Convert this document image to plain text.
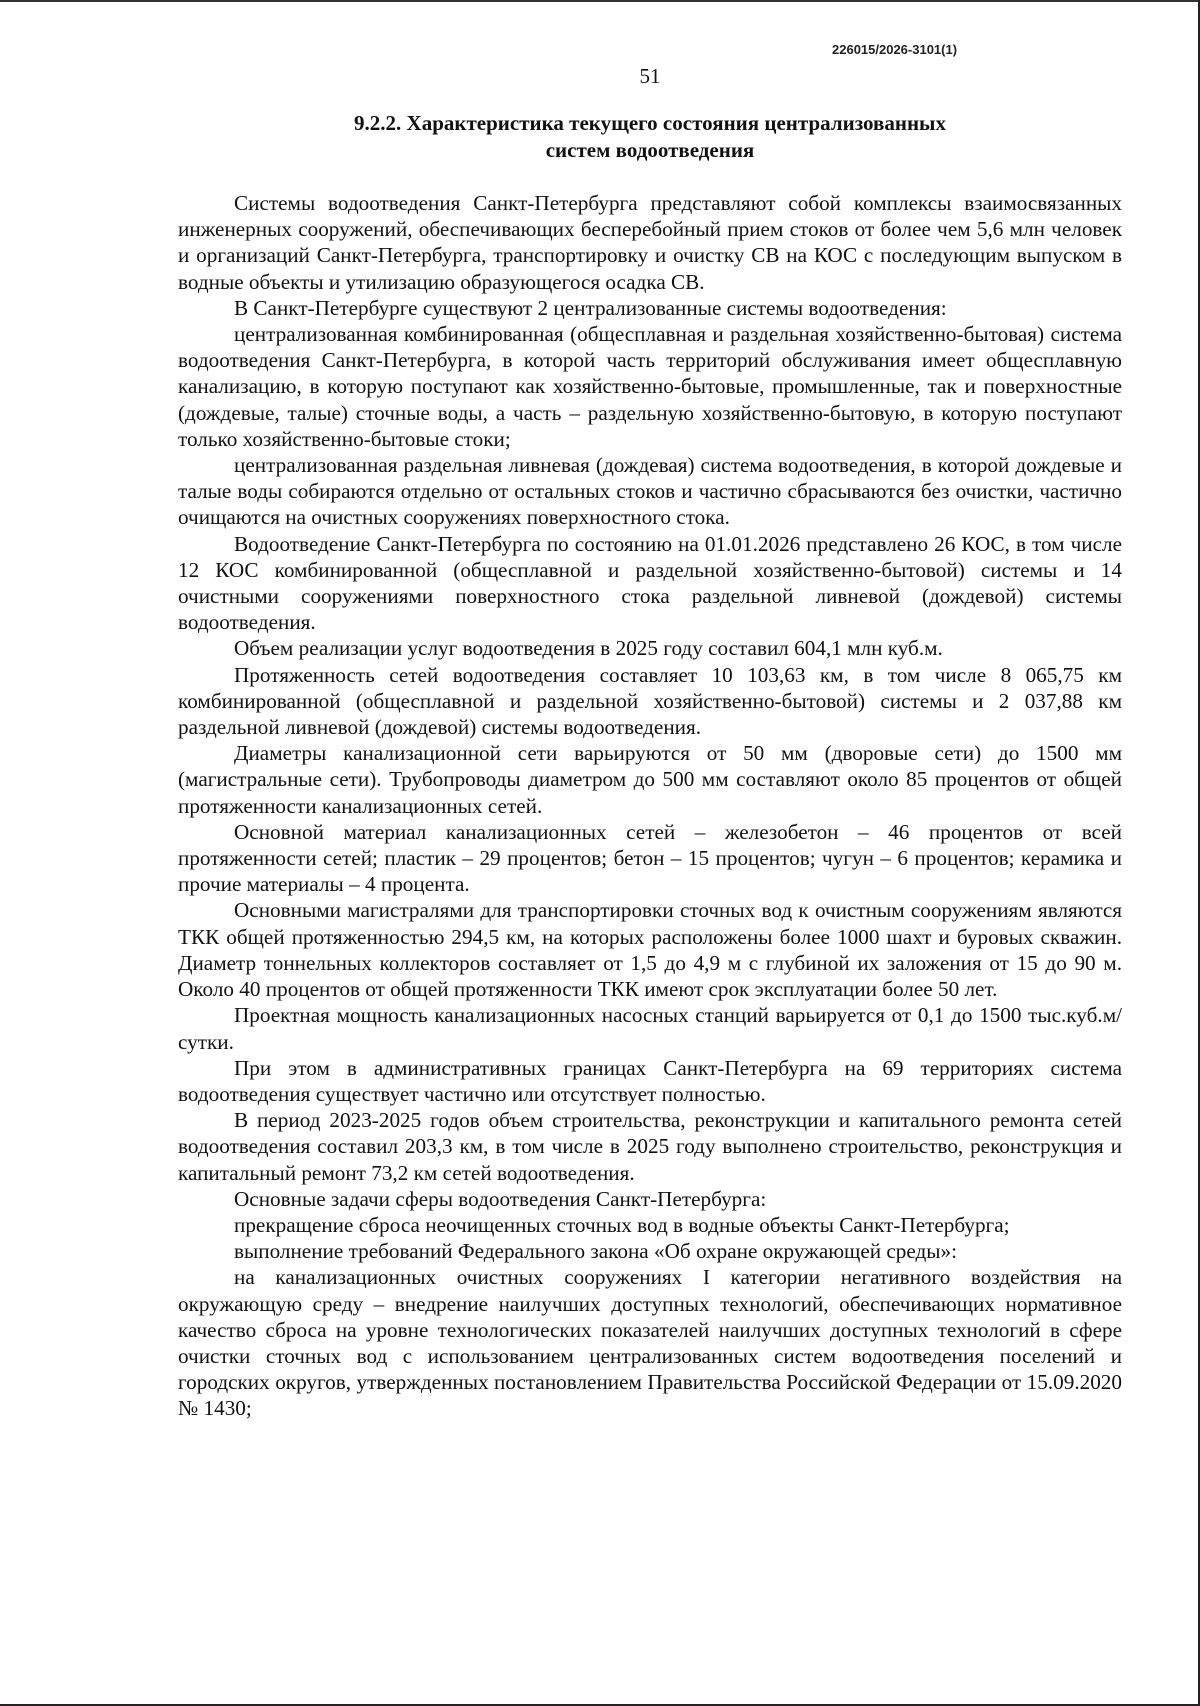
226015/2026-3101(1)
51
9.2.2. Характеристика текущего состояния централизованных
систем водоотведения

Системы водоотведения Санкт-Петербурга представляют собой комплексы взаимосвязанных инженерных сооружений, обеспечивающих бесперебойный прием стоков от более чем 5,6 млн человек и организаций Санкт-Петербурга, транспортировку и очистку СВ на КОС с последующим выпуском в водные объекты и утилизацию образующегося осадка СВ.

В Санкт-Петербурге существуют 2 централизованные системы водоотведения:

централизованная комбинированная (общесплавная и раздельная хозяйственно-бытовая) система водоотведения Санкт-Петербурга, в которой часть территорий обслуживания имеет общесплавную канализацию, в которую поступают как хозяйственно-бытовые, промышленные, так и поверхностные (дождевые, талые) сточные воды, а часть – раздельную хозяйственно-бытовую, в которую поступают только хозяйственно-бытовые стоки;

централизованная раздельная ливневая (дождевая) система водоотведения, в которой дождевые и талые воды собираются отдельно от остальных стоков и частично сбрасываются без очистки, частично очищаются на очистных сооружениях поверхностного стока.

Водоотведение Санкт-Петербурга по состоянию на 01.01.2026 представлено 26 КОС, в том числе 12 КОС комбинированной (общесплавной и раздельной хозяйственно-бытовой) системы и 14 очистными сооружениями поверхностного стока раздельной ливневой (дождевой) системы водоотведения.

Объем реализации услуг водоотведения в 2025 году составил 604,1 млн куб.м.

Протяженность сетей водоотведения составляет 10 103,63 км, в том числе 8 065,75 км комбинированной (общесплавной и раздельной хозяйственно-бытовой) системы и 2 037,88 км раздельной ливневой (дождевой) системы водоотведения.

Диаметры канализационной сети варьируются от 50 мм (дворовые сети) до 1500 мм (магистральные сети). Трубопроводы диаметром до 500 мм составляют около 85 процентов от общей протяженности канализационных сетей.

Основной материал канализационных сетей – железобетон – 46 процентов от всей протяженности сетей; пластик – 29 процентов; бетон – 15 процентов; чугун – 6 процентов; керамика и прочие материалы – 4 процента.

Основными магистралями для транспортировки сточных вод к очистным сооружениям являются ТКК общей протяженностью 294,5 км, на которых расположены более 1000 шахт и буровых скважин. Диаметр тоннельных коллекторов составляет от 1,5 до 4,9 м с глубиной их заложения от 15 до 90 м. Около 40 процентов от общей протяженности ТКК имеют срок эксплуатации более 50 лет.

Проектная мощность канализационных насосных станций варьируется от 0,1 до 1500 тыс.куб.м/сутки.

При этом в административных границах Санкт-Петербурга на 69 территориях система водоотведения существует частично или отсутствует полностью.

В период 2023-2025 годов объем строительства, реконструкции и капитального ремонта сетей водоотведения составил 203,3 км, в том числе в 2025 году выполнено строительство, реконструкция и капитальный ремонт 73,2 км сетей водоотведения.

Основные задачи сферы водоотведения Санкт-Петербурга:

прекращение сброса неочищенных сточных вод в водные объекты Санкт-Петербурга;

выполнение требований Федерального закона «Об охране окружающей среды»:

на канализационных очистных сооружениях I категории негативного воздействия на окружающую среду – внедрение наилучших доступных технологий, обеспечивающих нормативное качество сброса на уровне технологических показателей наилучших доступных технологий в сфере очистки сточных вод с использованием централизованных систем водоотведения поселений и городских округов, утвержденных постановлением Правительства Российской Федерации от 15.09.2020 № 1430;
